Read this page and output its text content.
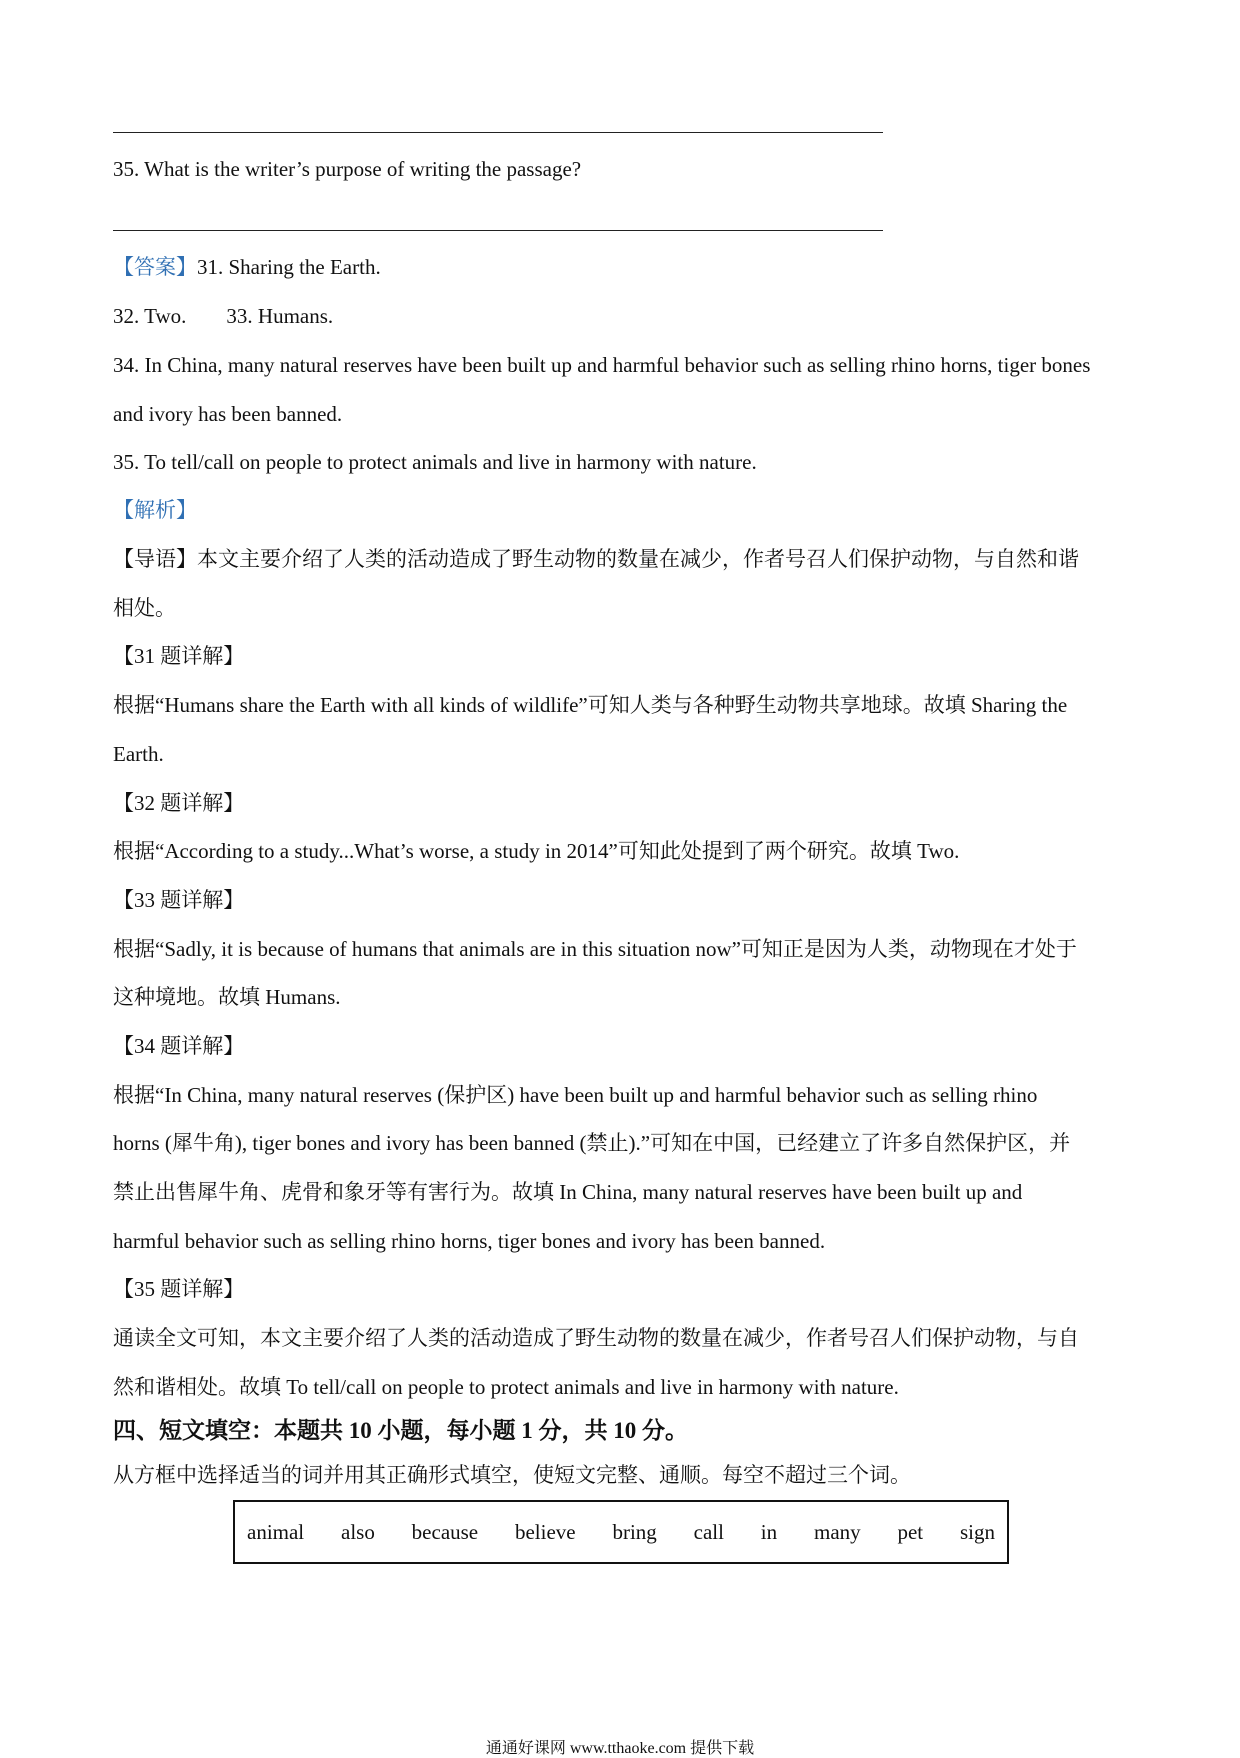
35. What is the writer’s purpose of writing the passage?
【答案】31. Sharing the Earth.
32. Two. 33. Humans.
34. In China, many natural reserves have been built up and harmful behavior such as selling rhino horns, tiger bones
and ivory has been banned.
35. To tell/call on people to protect animals and live in harmony with nature.
【解析】
【导语】本文主要介绍了人类的活动造成了野生动物的数量在减少，作者号召人们保护动物，与自然和谐
相处。
【31 题详解】
根据“Humans share the Earth with all kinds of wildlife”可知人类与各种野生动物共享地球。故填 Sharing the
Earth.
【32 题详解】
根据“According to a study...What’s worse, a study in 2014”可知此处提到了两个研究。故填 Two.
【33 题详解】
根据“Sadly, it is because of humans that animals are in this situation now”可知正是因为人类，动物现在才处于
这种境地。故填 Humans.
【34 题详解】
根据“In China, many natural reserves (保护区) have been built up and harmful behavior such as selling rhino
horns (犀牛角), tiger bones and ivory has been banned (禁止).”可知在中国，已经建立了许多自然保护区，并
禁止出售犀牛角、虎骨和象牙等有害行为。故填 In China, many natural reserves have been built up and
harmful behavior such as selling rhino horns, tiger bones and ivory has been banned.
【35 题详解】
通读全文可知，本文主要介绍了人类的活动造成了野生动物的数量在减少，作者号召人们保护动物，与自
然和谐相处。故填 To tell/call on people to protect animals and live in harmony with nature.
四、短文填空：本题共 10 小题，每小题 1 分，共 10 分。
从方框中选择适当的词并用其正确形式填空，使短文完整、通顺。每空不超过三个词。
animal also because believe bring call in many pet sign
通通好课网 www.tthaoke.com 提供下载
